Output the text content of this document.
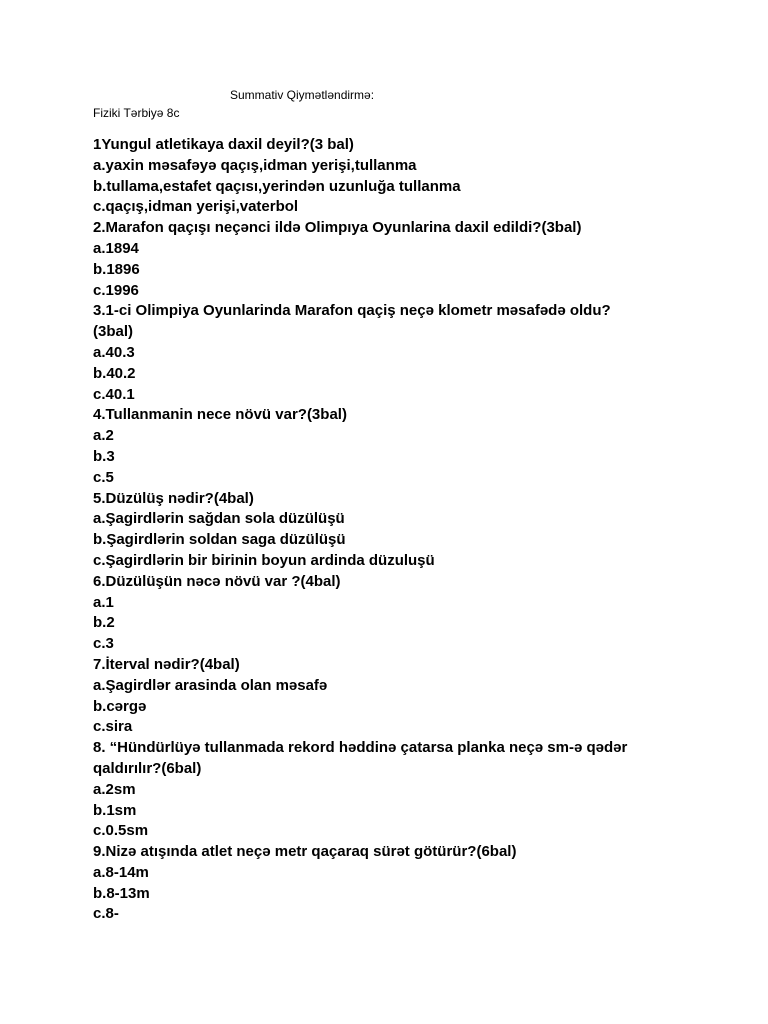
Summativ Qiymətləndirmə:
Fiziki Tərbiyə 8c
1Yungul atletikaya daxil deyil?(3 bal)
a.yaxin məsafəyə qaçış,idman yerişi,tullanma
b.tullama,estafet qaçısı,yerindən uzunluğa tullanma
c.qaçış,idman yerişi,vaterbol
2.Marafon qaçışı neçənci ildə Olimpıya Oyunlarina daxil edildi?(3bal)
a.1894
b.1896
c.1996
3.1-ci Olimpiya Oyunlarinda Marafon qaçiş neçə klometr məsafədə oldu?
(3bal)
a.40.3
b.40.2
c.40.1
4.Tullanmanin nece növü var?(3bal)
a.2
b.3
c.5
5.Düzülüş nədir?(4bal)
a.Şagirdlərin sağdan sola düzülüşü
b.Şagirdlərin soldan saga düzülüşü
c.Şagirdlərin bir birinin boyun ardinda düzuluşü
6.Düzülüşün nəcə növü var ?(4bal)
a.1
b.2
c.3
7.İterval nədir?(4bal)
a.Şagirdlər arasinda olan məsafə
b.cərgə
c.sira
8. “Hündürlüyə tullanmada rekord həddinə çatarsa planka neçə sm-ə qədər
qaldırılır?(6bal)
a.2sm
b.1sm
c.0.5sm
9.Nizə atışında atlet neçə metr qaçaraq sürət götürür?(6bal)
a.8-14m
b.8-13m
c.8-
